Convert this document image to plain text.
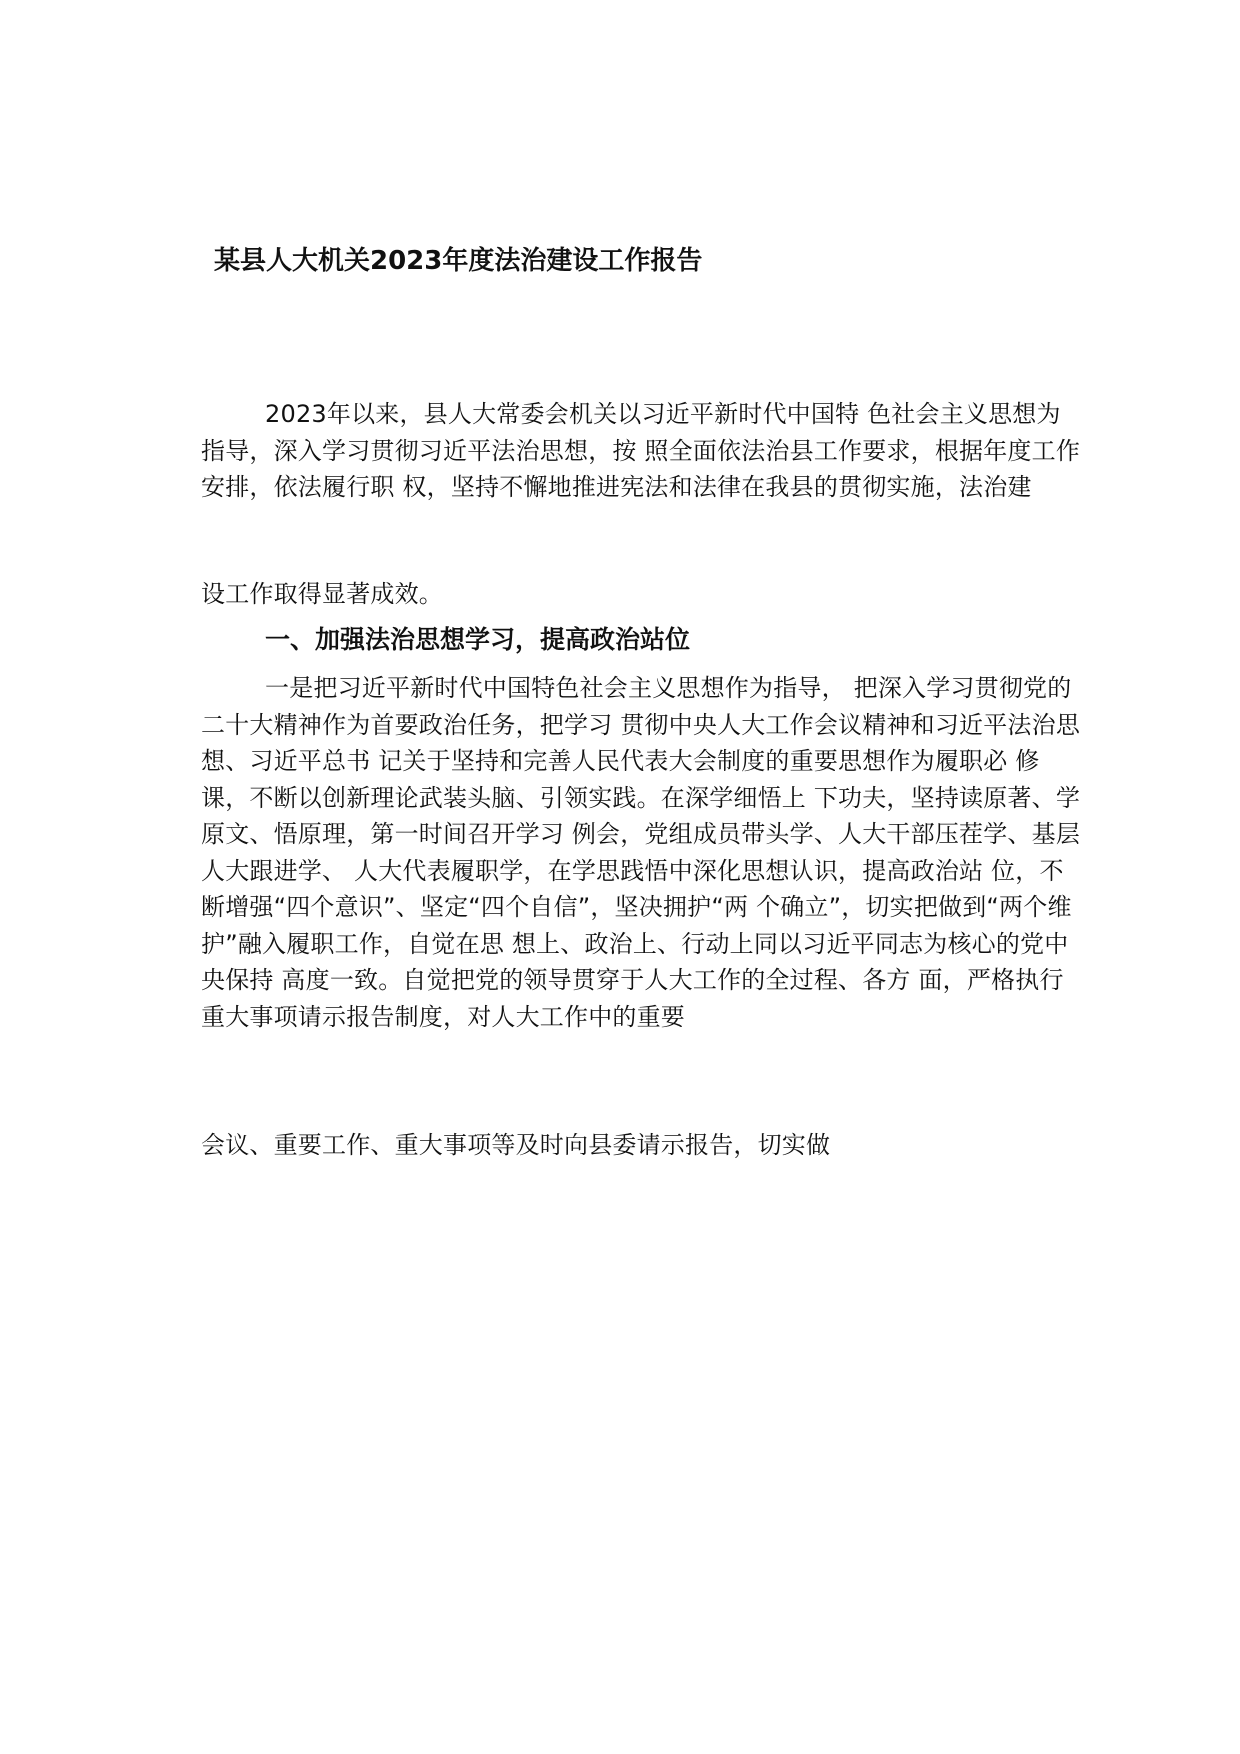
某县人大机关2023年度法治建设工作报告
2023年以来，县人大常委会机关以习近平新时代中国特 色社会主义思想为指导，深入学习贯彻习近平法治思想，按 照全面依法治县工作要求，根据年度工作安排，依法履行职 权，坚持不懈地推进宪法和法律在我县的贯彻实施，法治建
设工作取得显著成效。
一、加强法治思想学习，提高政治站位
一是把习近平新时代中国特色社会主义思想作为指导， 把深入学习贯彻党的二十大精神作为首要政治任务，把学习 贯彻中央人大工作会议精神和习近平法治思想、习近平总书 记关于坚持和完善人民代表大会制度的重要思想作为履职必 修课，不断以创新理论武装头脑、引领实践。在深学细悟上 下功夫，坚持读原著、学原文、悟原理，第一时间召开学习 例会，党组成员带头学、人大干部压茬学、基层人大跟进学、 人大代表履职学，在学思践悟中深化思想认识，提高政治站 位，不断增强“四个意识”、坚定“四个自信”，坚决拥护“两 个确立”，切实把做到“两个维护”融入履职工作，自觉在思 想上、政治上、行动上同以习近平同志为核心的党中央保持 高度一致。自觉把党的领导贯穿于人大工作的全过程、各方 面，严格执行重大事项请示报告制度，对人大工作中的重要
会议、重要工作、重大事项等及时向县委请示报告，切实做
